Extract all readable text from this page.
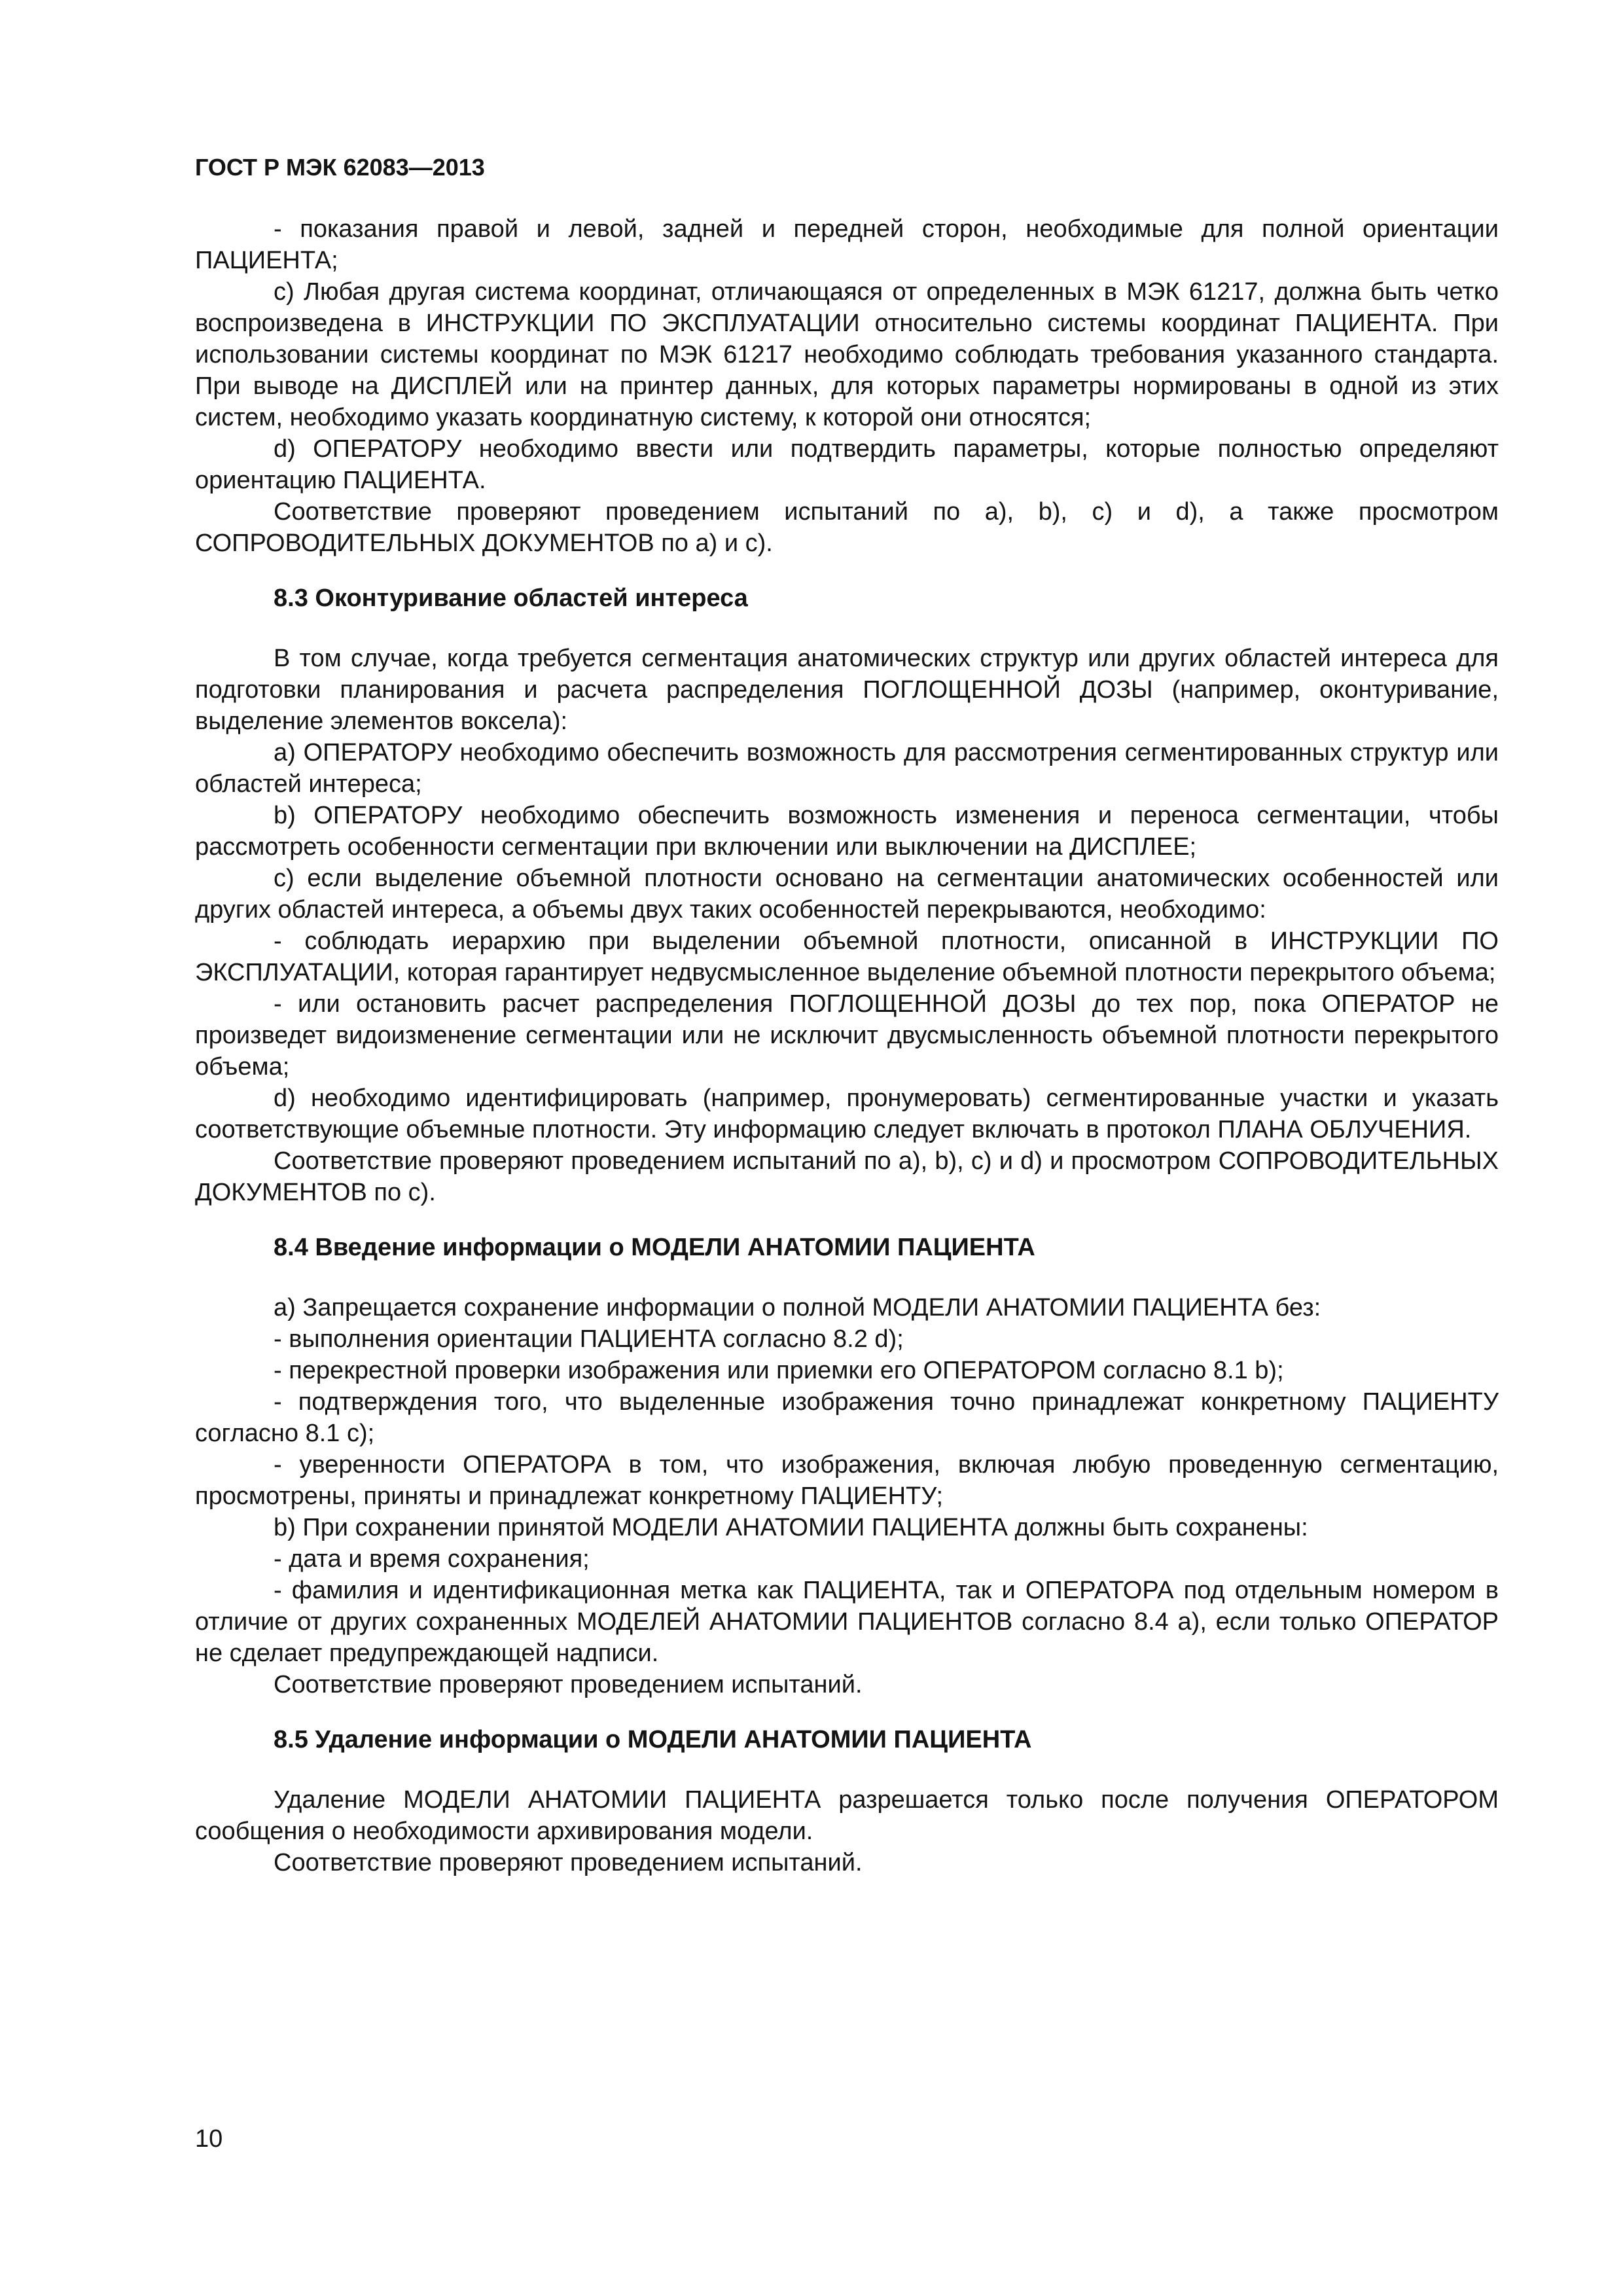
ГОСТ Р МЭК 62083—2013

- показания правой и левой, задней и передней сторон, необходимые для полной ориентации ПАЦИЕНТА;

c) Любая другая система координат, отличающаяся от определенных в МЭК 61217, должна быть четко воспроизведена в ИНСТРУКЦИИ ПО ЭКСПЛУАТАЦИИ относительно системы координат ПАЦИЕНТА. При использовании системы координат по МЭК 61217 необходимо соблюдать требования указанного стандарта. При выводе на ДИСПЛЕЙ или на принтер данных, для которых параметры нормированы в одной из этих систем, необходимо указать координатную систему, к которой они относятся;

d) ОПЕРАТОРУ необходимо ввести или подтвердить параметры, которые полностью определяют ориентацию ПАЦИЕНТА.

Соответствие проверяют проведением испытаний по a), b), c) и d), а также просмотром СОПРОВОДИТЕЛЬНЫХ ДОКУМЕНТОВ по a) и c).

8.3 Оконтуривание областей интереса

В том случае, когда требуется сегментация анатомических структур или других областей интереса для подготовки планирования и расчета распределения ПОГЛОЩЕННОЙ ДОЗЫ (например, оконтуривание, выделение элементов воксела):

a) ОПЕРАТОРУ необходимо обеспечить возможность для рассмотрения сегментированных структур или областей интереса;

b) ОПЕРАТОРУ необходимо обеспечить возможность изменения и переноса сегментации, чтобы рассмотреть особенности сегментации при включении или выключении на ДИСПЛЕЕ;

c) если выделение объемной плотности основано на сегментации анатомических особенностей или других областей интереса, а объемы двух таких особенностей перекрываются, необходимо:

- соблюдать иерархию при выделении объемной плотности, описанной в ИНСТРУКЦИИ ПО ЭКСПЛУАТАЦИИ, которая гарантирует недвусмысленное выделение объемной плотности перекрытого объема;

- или остановить расчет распределения ПОГЛОЩЕННОЙ ДОЗЫ до тех пор, пока ОПЕРАТОР не произведет видоизменение сегментации или не исключит двусмысленность объемной плотности перекрытого объема;

d) необходимо идентифицировать (например, пронумеровать) сегментированные участки и указать соответствующие объемные плотности. Эту информацию следует включать в протокол ПЛАНА ОБЛУЧЕНИЯ.

Соответствие проверяют проведением испытаний по a), b), c) и d) и просмотром СОПРОВОДИТЕЛЬНЫХ ДОКУМЕНТОВ по c).

8.4 Введение информации о МОДЕЛИ АНАТОМИИ ПАЦИЕНТА

a) Запрещается сохранение информации о полной МОДЕЛИ АНАТОМИИ ПАЦИЕНТА без:

- выполнения ориентации ПАЦИЕНТА согласно 8.2 d);

- перекрестной проверки изображения или приемки его ОПЕРАТОРОМ согласно 8.1 b);

- подтверждения того, что выделенные изображения точно принадлежат конкретному ПАЦИЕНТУ согласно 8.1 c);

- уверенности ОПЕРАТОРА в том, что изображения, включая любую проведенную сегментацию, просмотрены, приняты и принадлежат конкретному ПАЦИЕНТУ;

b) При сохранении принятой МОДЕЛИ АНАТОМИИ ПАЦИЕНТА должны быть сохранены:

- дата и время сохранения;

- фамилия и идентификационная метка как ПАЦИЕНТА, так и ОПЕРАТОРА под отдельным номером в отличие от других сохраненных МОДЕЛЕЙ АНАТОМИИ ПАЦИЕНТОВ согласно 8.4 a), если только ОПЕРАТОР не сделает предупреждающей надписи.

Соответствие проверяют проведением испытаний.

8.5 Удаление информации о МОДЕЛИ АНАТОМИИ ПАЦИЕНТА

Удаление МОДЕЛИ АНАТОМИИ ПАЦИЕНТА разрешается только после получения ОПЕРАТОРОМ сообщения о необходимости архивирования модели.

Соответствие проверяют проведением испытаний.

10
